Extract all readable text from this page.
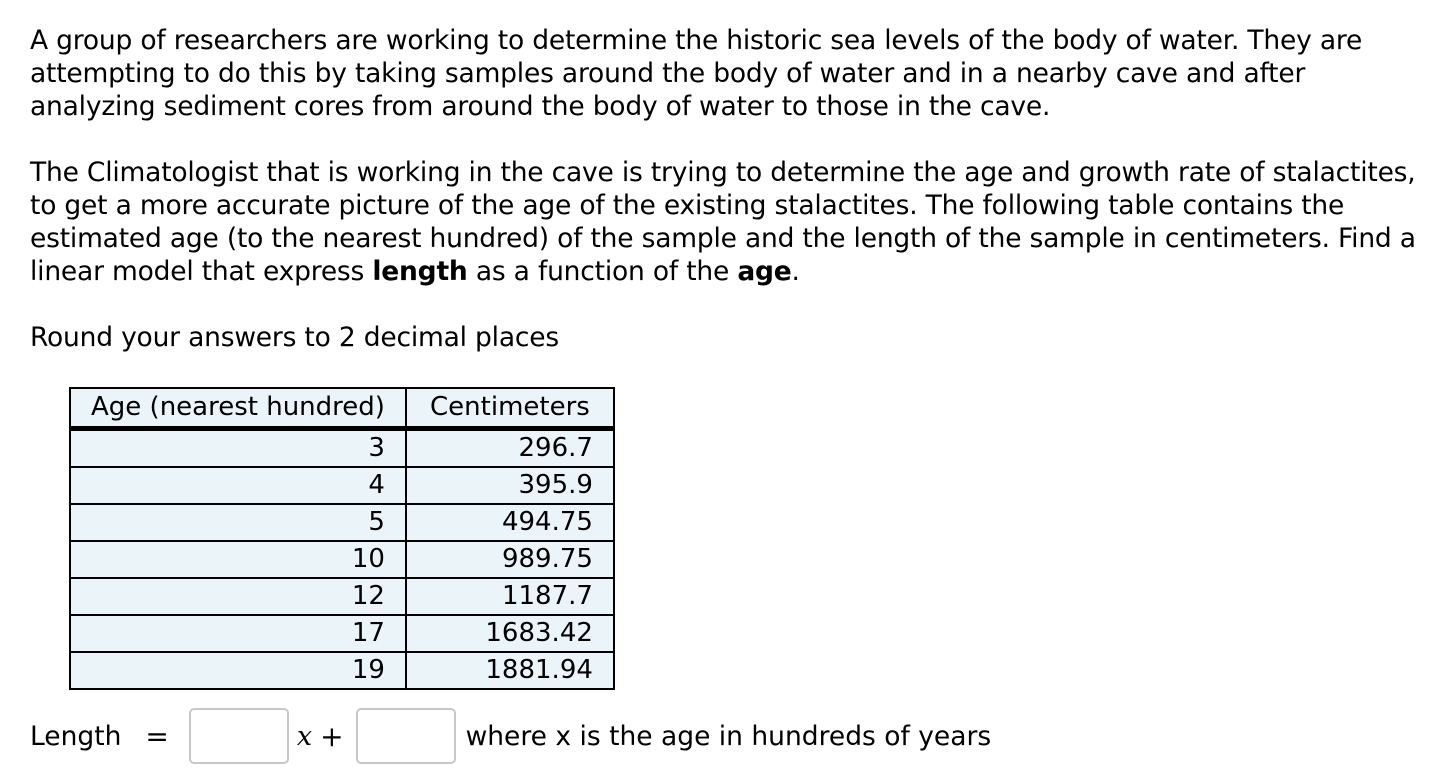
A group of researchers are working to determine the historic sea levels of the body of water. They are attempting to do this by taking samples around the body of water and in a nearby cave and after analyzing sediment cores from around the body of water to those in the cave.

The Climatologist that is working in the cave is trying to determine the age and growth rate of stalactites, to get a more accurate picture of the age of the existing stalactites. The following table contains the estimated age (to the nearest hundred) of the sample and the length of the sample in centimeters. Find a linear model that express length as a function of the age.

Round your answers to 2 decimal places

Age (nearest hundred)	Centimeters
3	296.7
4	395.9
5	494.75
10	989.75
12	1187.7
17	1683.42
19	1881.94
Length =	x +	where x is the age in hundreds of years
